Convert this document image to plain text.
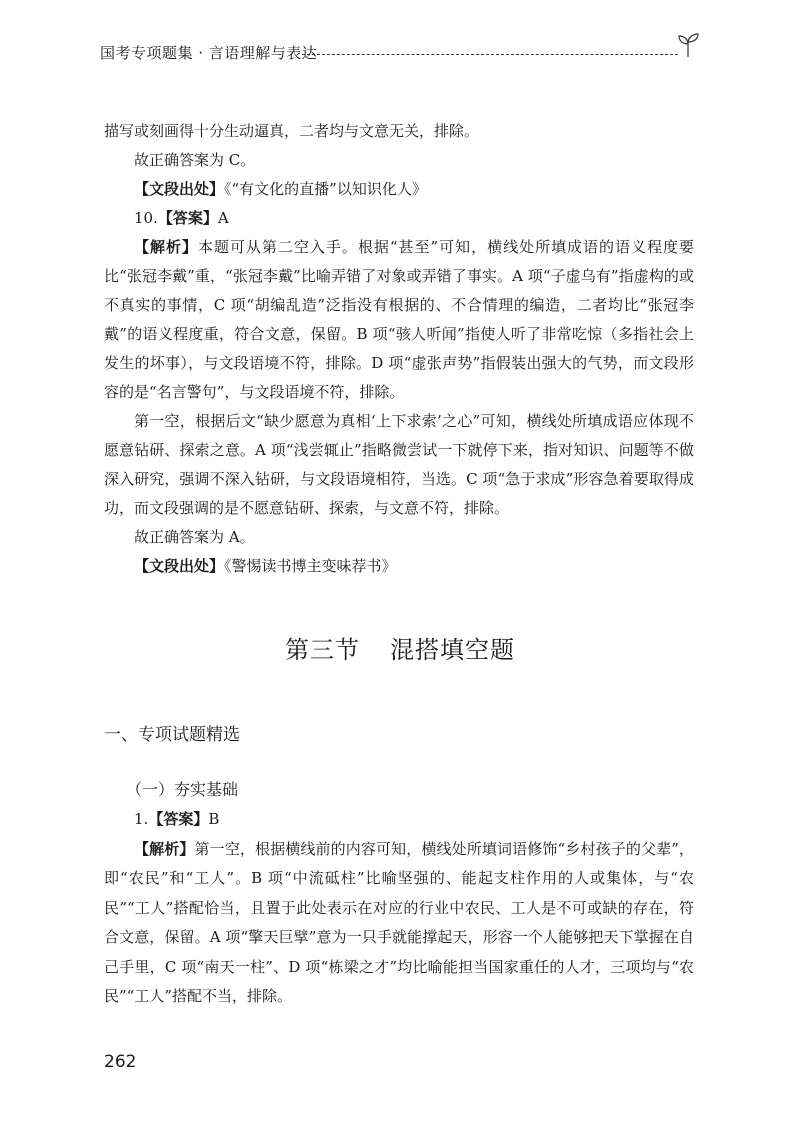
国考专项题集 · 言语理解与表达

描写或刻画得十分生动逼真，二者均与文意无关，排除。

故正确答案为 C。

【文段出处】《“有文化的直播”以知识化人》

10.【答案】A

【解析】本题可从第二空入手。根据“甚至”可知，横线处所填成语的语义程度要比“张冠李戴”重，“张冠李戴”比喻弄错了对象或弄错了事实。A 项“子虚乌有”指虚构的或不真实的事情，C 项“胡编乱造”泛指没有根据的、不合情理的编造，二者均比“张冠李戴”的语义程度重，符合文意，保留。B 项“骇人听闻”指使人听了非常吃惊（多指社会上发生的坏事），与文段语境不符，排除。D 项“虚张声势”指假装出强大的气势，而文段形容的是“名言警句”，与文段语境不符，排除。

第一空，根据后文“缺少愿意为真相‘上下求索’之心”可知，横线处所填成语应体现不愿意钻研、探索之意。A 项“浅尝辄止”指略微尝试一下就停下来，指对知识、问题等不做深入研究，强调不深入钻研，与文段语境相符，当选。C 项“急于求成”形容急着要取得成功，而文段强调的是不愿意钻研、探索，与文意不符，排除。

故正确答案为 A。

【文段出处】《警惕读书博主变味荐书》

第三节 混搭填空题
一、专项试题精选
（一）夯实基础

1.【答案】B

【解析】第一空，根据横线前的内容可知，横线处所填词语修饰“乡村孩子的父辈”，即“农民”和“工人”。B 项“中流砥柱”比喻坚强的、能起支柱作用的人或集体，与“农民”“工人”搭配恰当，且置于此处表示在对应的行业中农民、工人是不可或缺的存在，符合文意，保留。A 项“擎天巨擘”意为一只手就能撑起天，形容一个人能够把天下掌握在自己手里，C 项“南天一柱”、D 项“栋梁之才”均比喻能担当国家重任的人才，三项均与“农民”“工人”搭配不当，排除。

262
